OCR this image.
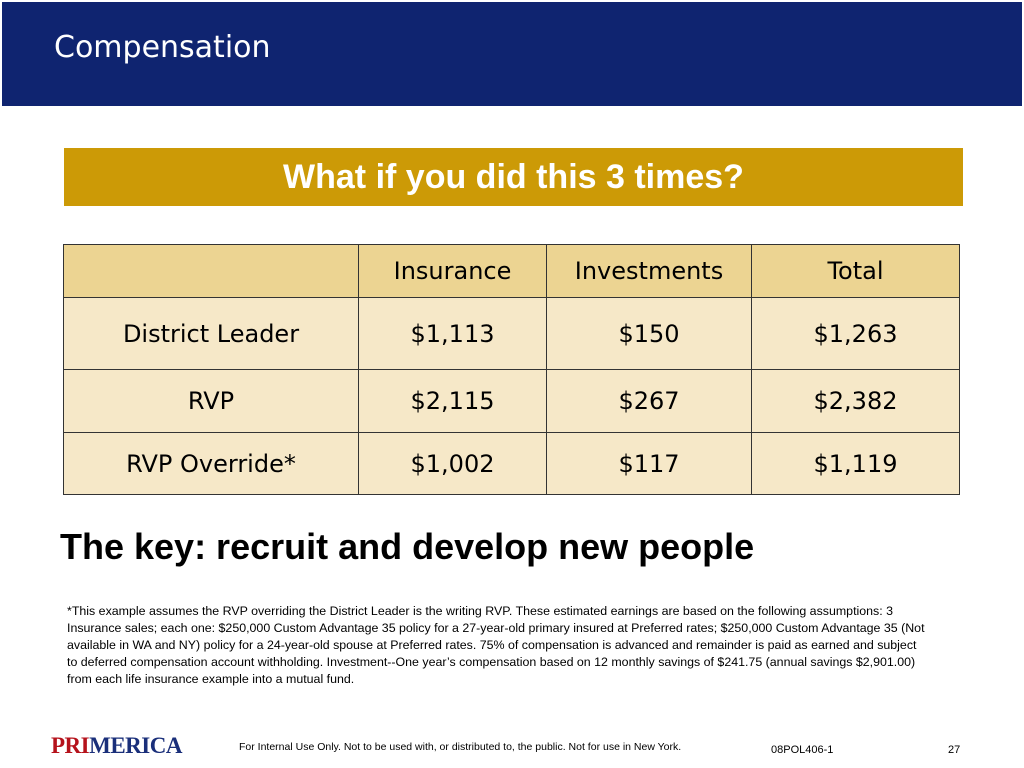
Compensation
What if you did this 3 times?
	Insurance	Investments	Total
District Leader	$1,113	$150	$1,263
RVP	$2,115	$267	$2,382
RVP Override*	$1,002	$117	$1,119
The key: recruit and develop new people
*This example assumes the RVP overriding the District Leader is the writing RVP. These estimated earnings are based on the following assumptions: 3 Insurance sales; each one: $250,000 Custom Advantage 35 policy for a 27-year-old primary insured at Preferred rates; $250,000 Custom Advantage 35 (Not available in WA and NY) policy for a 24-year-old spouse at Preferred rates. 75% of compensation is advanced and remainder is paid as earned and subject to deferred compensation account withholding. Investment--One year’s compensation based on 12 monthly savings of $241.75 (annual savings $2,901.00) from each life insurance example into a mutual fund.
PRIMERICA	For Internal Use Only. Not to be used with, or distributed to, the public. Not for use in New York.	08POL406-1	27
